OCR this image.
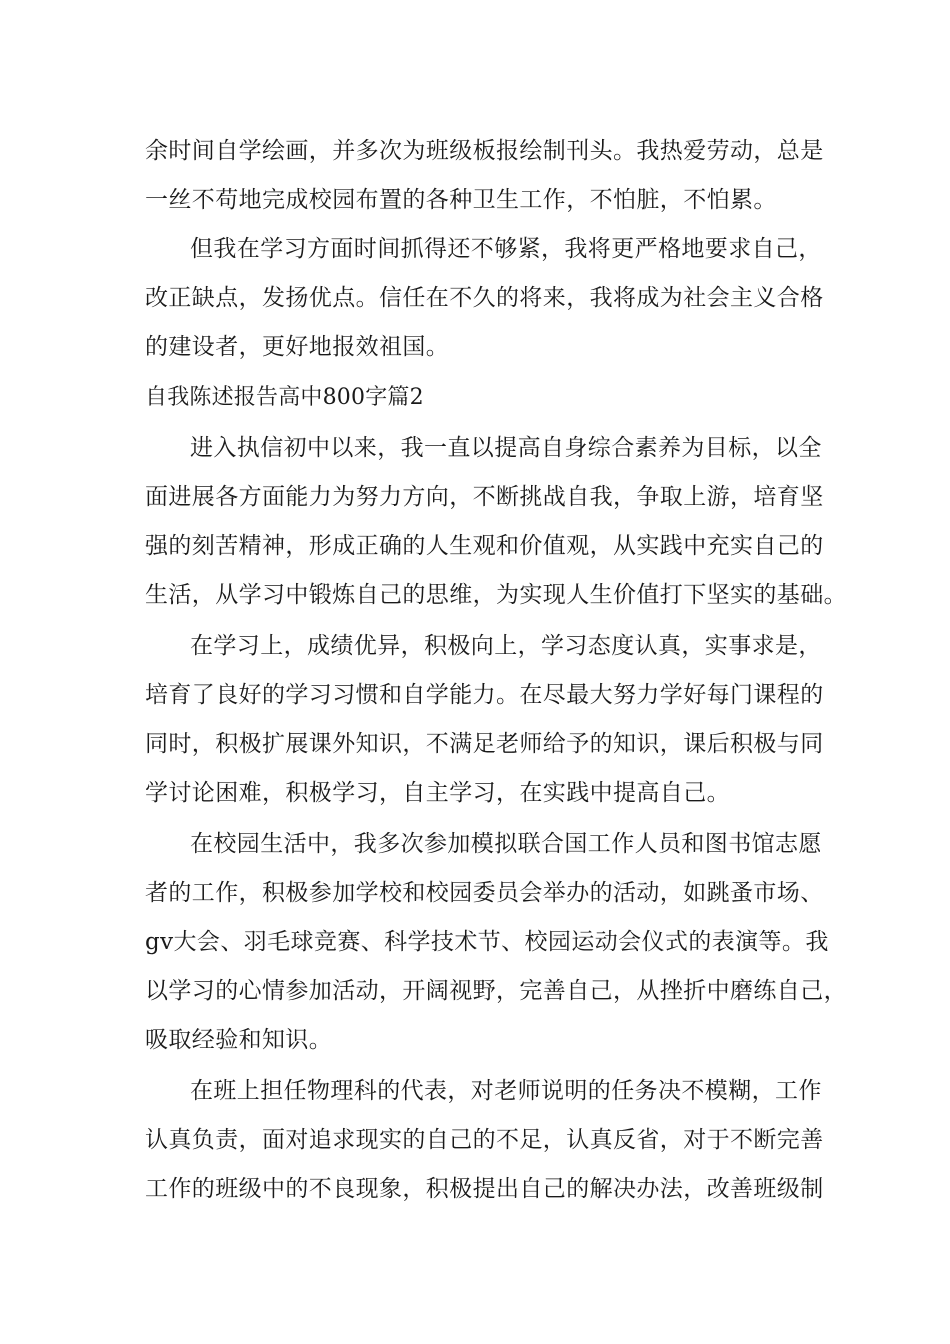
余时间自学绘画，并多次为班级板报绘制刊头。我热爱劳动，总是
一丝不苟地完成校园布置的各种卫生工作，不怕脏，不怕累。
但我在学习方面时间抓得还不够紧，我将更严格地要求自己，
改正缺点，发扬优点。信任在不久的将来，我将成为社会主义合格
的建设者，更好地报效祖国。
自我陈述报告高中800字篇2
进入执信初中以来，我一直以提高自身综合素养为目标，以全
面进展各方面能力为努力方向，不断挑战自我，争取上游，培育坚
强的刻苦精神，形成正确的人生观和价值观，从实践中充实自己的
生活，从学习中锻炼自己的思维，为实现人生价值打下坚实的基础。
在学习上，成绩优异，积极向上，学习态度认真，实事求是，
培育了良好的学习习惯和自学能力。在尽最大努力学好每门课程的
同时，积极扩展课外知识，不满足老师给予的知识，课后积极与同
学讨论困难，积极学习，自主学习，在实践中提高自己。
在校园生活中，我多次参加模拟联合国工作人员和图书馆志愿
者的工作，积极参加学校和校园委员会举办的活动，如跳蚤市场、
gv大会、羽毛球竞赛、科学技术节、校园运动会仪式的表演等。我
以学习的心情参加活动，开阔视野，完善自己，从挫折中磨练自己，
吸取经验和知识。
在班上担任物理科的代表，对老师说明的任务决不模糊，工作
认真负责，面对追求现实的自己的不足，认真反省，对于不断完善
工作的班级中的不良现象，积极提出自己的解决办法，改善班级制
